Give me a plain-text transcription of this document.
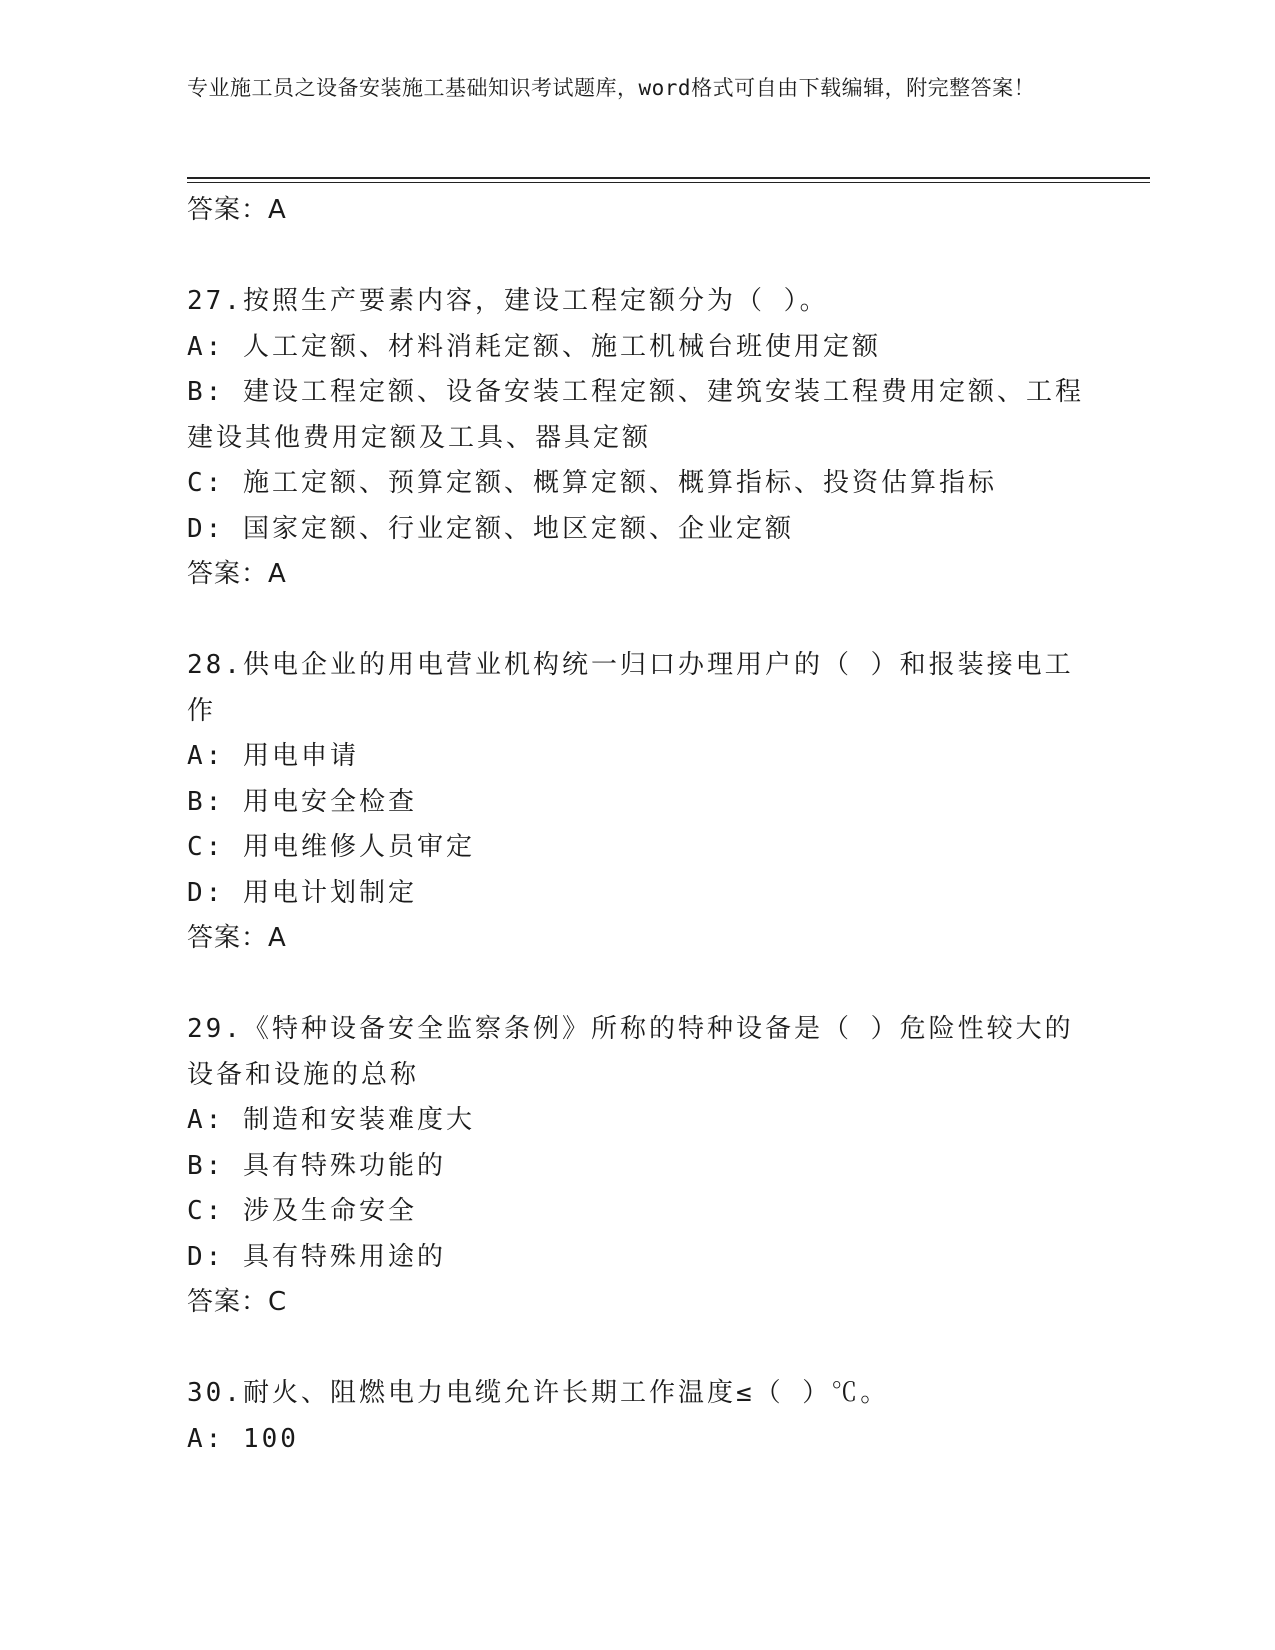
专业施工员之设备安装施工基础知识考试题库，word格式可自由下载编辑，附完整答案！
答案：A
27.按照生产要素内容，建设工程定额分为（ ）。
A: 人工定额、材料消耗定额、施工机械台班使用定额
B: 建设工程定额、设备安装工程定额、建筑安装工程费用定额、工程
建设其他费用定额及工具、器具定额
C: 施工定额、预算定额、概算定额、概算指标、投资估算指标
D: 国家定额、行业定额、地区定额、企业定额
答案：A
28.供电企业的用电营业机构统一归口办理用户的（ ）和报装接电工
作
A: 用电申请
B: 用电安全检查
C: 用电维修人员审定
D: 用电计划制定
答案：A
29.《特种设备安全监察条例》所称的特种设备是（ ）危险性较大的
设备和设施的总称
A: 制造和安装难度大
B: 具有特殊功能的
C: 涉及生命安全
D: 具有特殊用途的
答案：C
30.耐火、阻燃电力电缆允许长期工作温度≤（ ）℃。
A: 100
